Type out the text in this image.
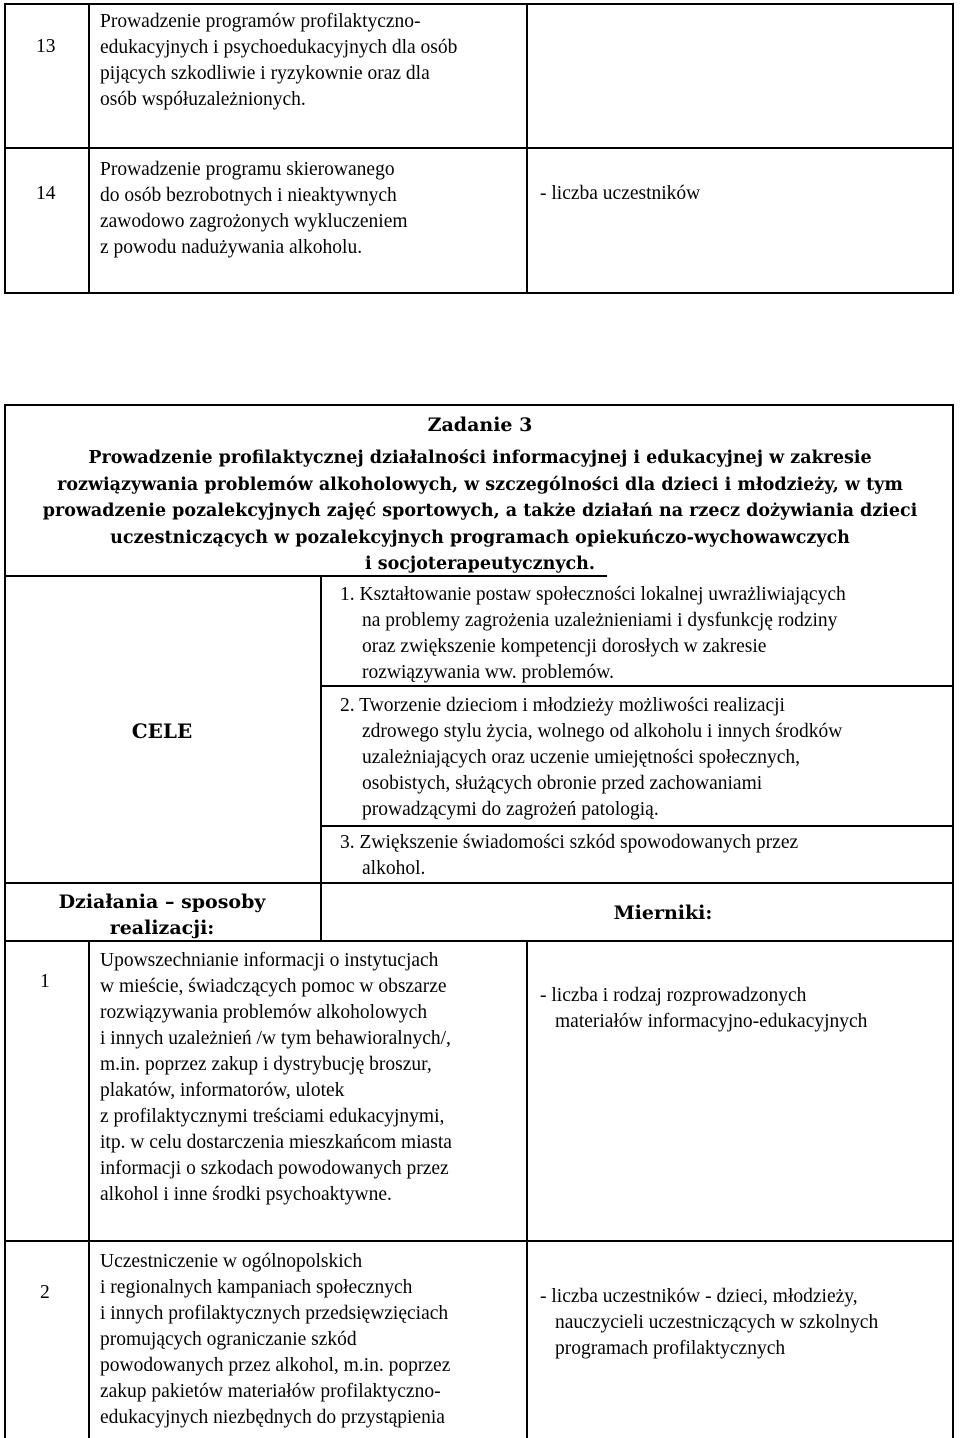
13
Prowadzenie programów profilaktyczno-
edukacyjnych i psychoedukacyjnych dla osób
pijących szkodliwie i ryzykownie oraz dla
osób współuzależnionych.
14
Prowadzenie programu skierowanego
do osób bezrobotnych i nieaktywnych
zawodowo zagrożonych wykluczeniem
z powodu nadużywania alkoholu.
- liczba uczestników
Zadanie 3
Prowadzenie profilaktycznej działalności informacyjnej i edukacyjnej w zakresie
rozwiązywania problemów alkoholowych, w szczególności dla dzieci i młodzieży, w tym
prowadzenie pozalekcyjnych zajęć sportowych, a także działań na rzecz dożywiania dzieci
uczestniczących w pozalekcyjnych programach opiekuńczo-wychowawczych
i socjoterapeutycznych.
CELE
1. Kształtowanie postaw społeczności lokalnej uwrażliwiających
na problemy zagrożenia uzależnieniami i dysfunkcję rodziny
oraz zwiększenie kompetencji dorosłych w zakresie
rozwiązywania ww. problemów.
2. Tworzenie dzieciom i młodzieży możliwości realizacji
zdrowego stylu życia, wolnego od alkoholu i innych środków
uzależniających oraz uczenie umiejętności społecznych,
osobistych, służących obronie przed zachowaniami
prowadzącymi do zagrożeń patologią.
3. Zwiększenie świadomości szkód spowodowanych przez
alkohol.
Działania – sposoby
realizacji:
Mierniki:
1
Upowszechnianie informacji o instytucjach
w mieście, świadczących pomoc w obszarze
rozwiązywania problemów alkoholowych
i innych uzależnień /w tym behawioralnych/,
m.in. poprzez zakup i dystrybucję broszur,
plakatów, informatorów, ulotek
z profilaktycznymi treściami edukacyjnymi,
itp. w celu dostarczenia mieszkańcom miasta
informacji o szkodach powodowanych przez
alkohol i inne środki psychoaktywne.
- liczba i rodzaj rozprowadzonych
materiałów informacyjno-edukacyjnych
2
Uczestniczenie w ogólnopolskich
i regionalnych kampaniach społecznych
i innych profilaktycznych przedsięwzięciach
promujących ograniczanie szkód
powodowanych przez alkohol, m.in. poprzez
zakup pakietów materiałów profilaktyczno-
edukacyjnych niezbędnych do przystąpienia
- liczba uczestników - dzieci, młodzieży,
nauczycieli uczestniczących w szkolnych
programach profilaktycznych
